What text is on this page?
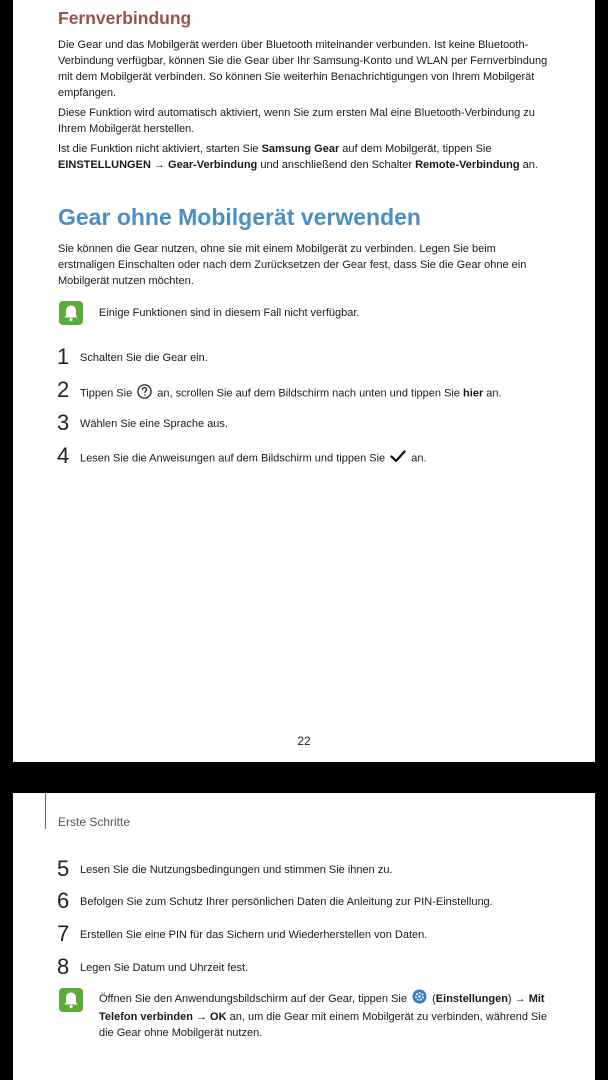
Fernverbindung

Die Gear und das Mobilgerät werden über Bluetooth miteinander verbunden. Ist keine Bluetooth-Verbindung verfügbar, können Sie die Gear über Ihr Samsung-Konto und WLAN per Fernverbindung mit dem Mobilgerät verbinden. So können Sie weiterhin Benachrichtigungen von Ihrem Mobilgerät empfangen.

Diese Funktion wird automatisch aktiviert, wenn Sie zum ersten Mal eine Bluetooth-Verbindung zu Ihrem Mobilgerät herstellen.

Ist die Funktion nicht aktiviert, starten Sie Samsung Gear auf dem Mobilgerät, tippen Sie EINSTELLUNGEN → Gear-Verbindung und anschließend den Schalter Remote-Verbindung an.

Gear ohne Mobilgerät verwenden

Sie können die Gear nutzen, ohne sie mit einem Mobilgerät zu verbinden. Legen Sie beim erstmaligen Einschalten oder nach dem Zurücksetzen der Gear fest, dass Sie die Gear ohne ein Mobilgerät nutzen möchten.

Einige Funktionen sind in diesem Fall nicht verfügbar.
1 Schalten Sie die Gear ein.
2 Tippen Sie  an, scrollen Sie auf dem Bildschirm nach unten und tippen Sie hier an.
3 Wählen Sie eine Sprache aus.
4 Lesen Sie die Anweisungen auf dem Bildschirm und tippen Sie  an.
22
Erste Schritte
5 Lesen Sie die Nutzungsbedingungen und stimmen Sie ihnen zu.
6 Befolgen Sie zum Schutz Ihrer persönlichen Daten die Anleitung zur PIN-Einstellung.
7 Erstellen Sie eine PIN für das Sichern und Wiederherstellen von Daten.
8 Legen Sie Datum und Uhrzeit fest.
Öffnen Sie den Anwendungsbildschirm auf der Gear, tippen Sie  (Einstellungen) → Mit Telefon verbinden → OK an, um die Gear mit einem Mobilgerät zu verbinden, während Sie die Gear ohne Mobilgerät nutzen.
